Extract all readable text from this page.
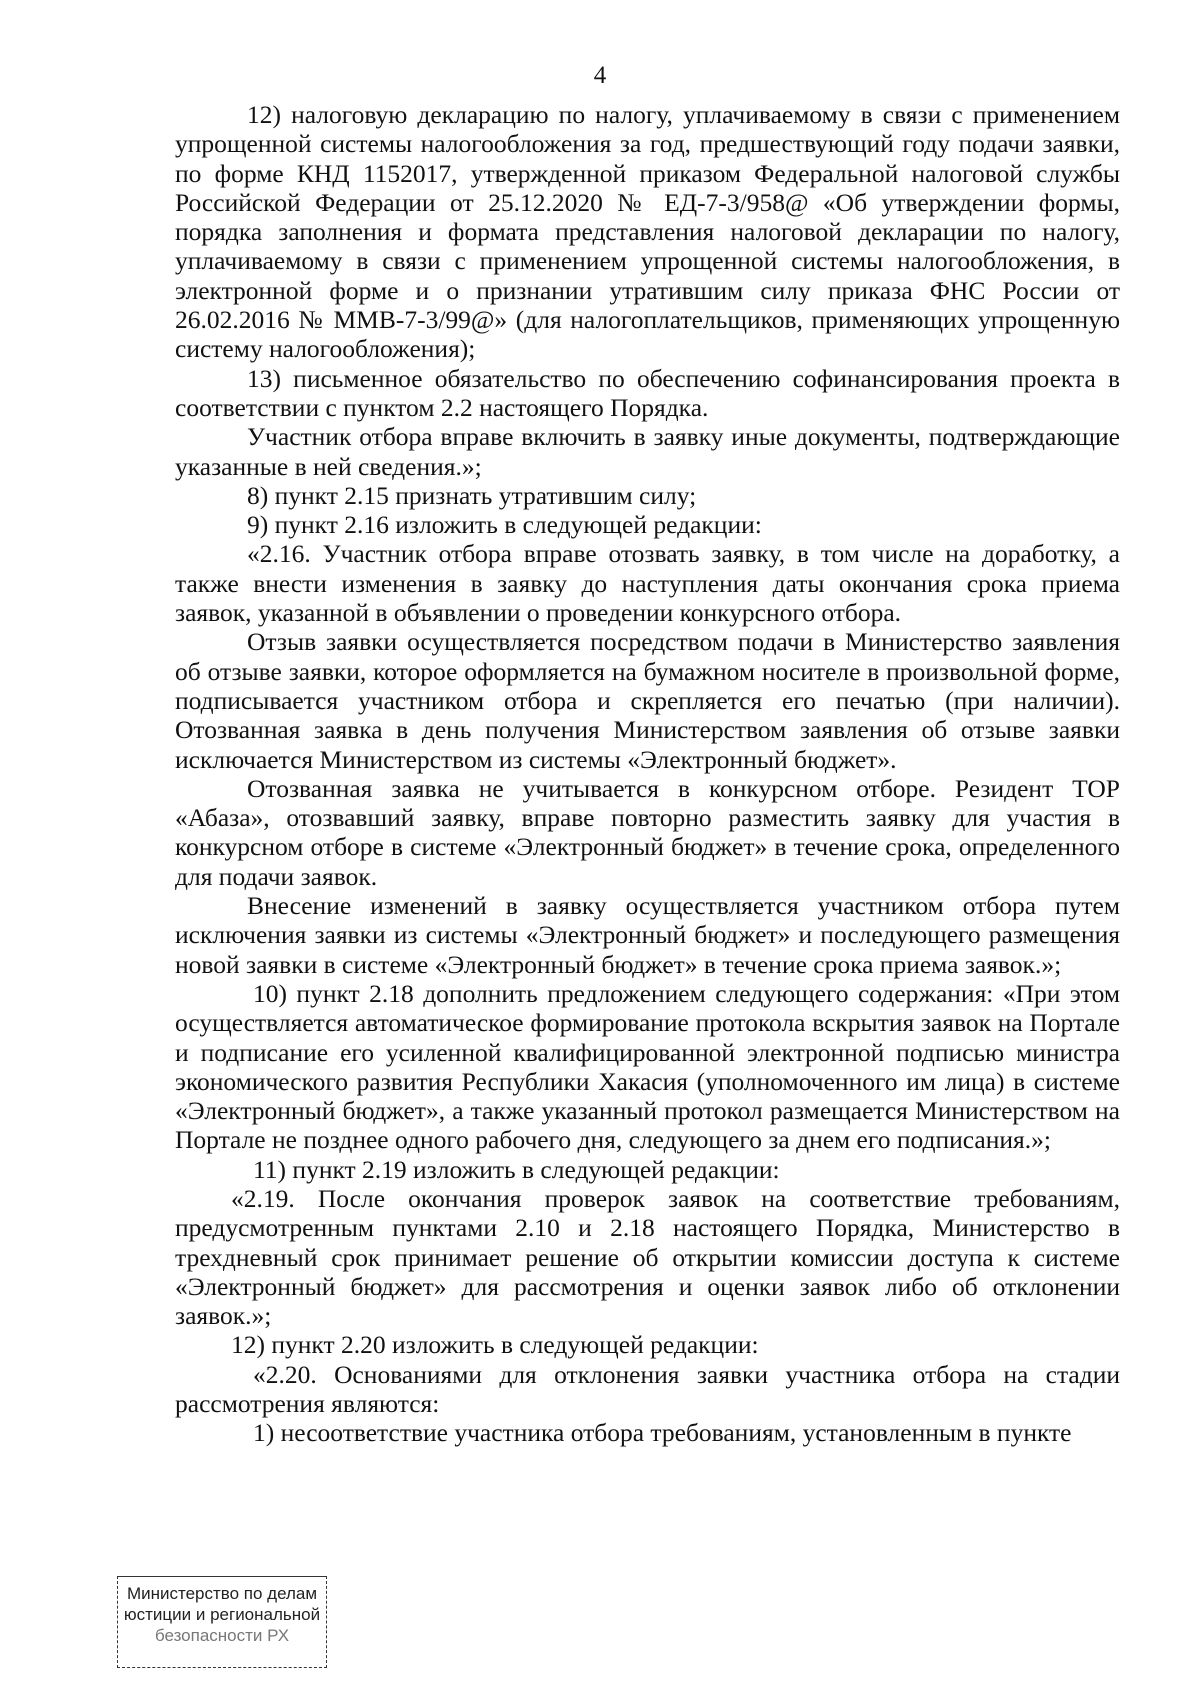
4

12) налоговую декларацию по налогу, уплачиваемому в связи с применением упрощенной системы налогообложения за год, предшествующий году подачи заявки, по форме КНД 1152017, утвержденной приказом Федеральной налоговой службы Российской Федерации от 25.12.2020 № ЕД-7-3/958@ «Об утверждении формы, порядка заполнения и формата представления налоговой декларации по налогу, уплачиваемому в связи с применением упрощенной системы налогообложения, в электронной форме и о признании утратившим силу приказа ФНС России от 26.02.2016 № ММВ-7-3/99@» (для налогоплательщиков, применяющих упрощенную систему налогообложения);

13) письменное обязательство по обеспечению софинансирования проекта в соответствии с пунктом 2.2 настоящего Порядка.

Участник отбора вправе включить в заявку иные документы, подтверждающие указанные в ней сведения.»;

8) пункт 2.15 признать утратившим силу;

9) пункт 2.16 изложить в следующей редакции:

«2.16. Участник отбора вправе отозвать заявку, в том числе на доработку, а также внести изменения в заявку до наступления даты окончания срока приема заявок, указанной в объявлении о проведении конкурсного отбора.

Отзыв заявки осуществляется посредством подачи в Министерство заявления об отзыве заявки, которое оформляется на бумажном носителе в произвольной форме, подписывается участником отбора и скрепляется его печатью (при наличии). Отозванная заявка в день получения Министерством заявления об отзыве заявки исключается Министерством из системы «Электронный бюджет».

Отозванная заявка не учитывается в конкурсном отборе. Резидент ТОР «Абаза», отозвавший заявку, вправе повторно разместить заявку для участия в конкурсном отборе в системе «Электронный бюджет» в течение срока, определенного для подачи заявок.

Внесение изменений в заявку осуществляется участником отбора путем исключения заявки из системы «Электронный бюджет» и последующего размещения новой заявки в системе «Электронный бюджет» в течение срока приема заявок.»;

10) пункт 2.18 дополнить предложением следующего содержания: «При этом осуществляется автоматическое формирование протокола вскрытия заявок на Портале и подписание его усиленной квалифицированной электронной подписью министра экономического развития Республики Хакасия (уполномоченного им лица) в системе «Электронный бюджет», а также указанный протокол размещается Министерством на Портале не позднее одного рабочего дня, следующего за днем его подписания.»;

11) пункт 2.19 изложить в следующей редакции:

«2.19. После окончания проверок заявок на соответствие требованиям, предусмотренным пунктами 2.10 и 2.18 настоящего Порядка, Министерство в трехдневный срок принимает решение об открытии комиссии доступа к системе «Электронный бюджет» для рассмотрения и оценки заявок либо об отклонении заявок.»;

12) пункт 2.20 изложить в следующей редакции:

«2.20. Основаниями для отклонения заявки участника отбора на стадии рассмотрения являются:

1) несоответствие участника отбора требованиям, установленным в пункте

Министерство по делам
юстиции и региональной
безопасности РХ
